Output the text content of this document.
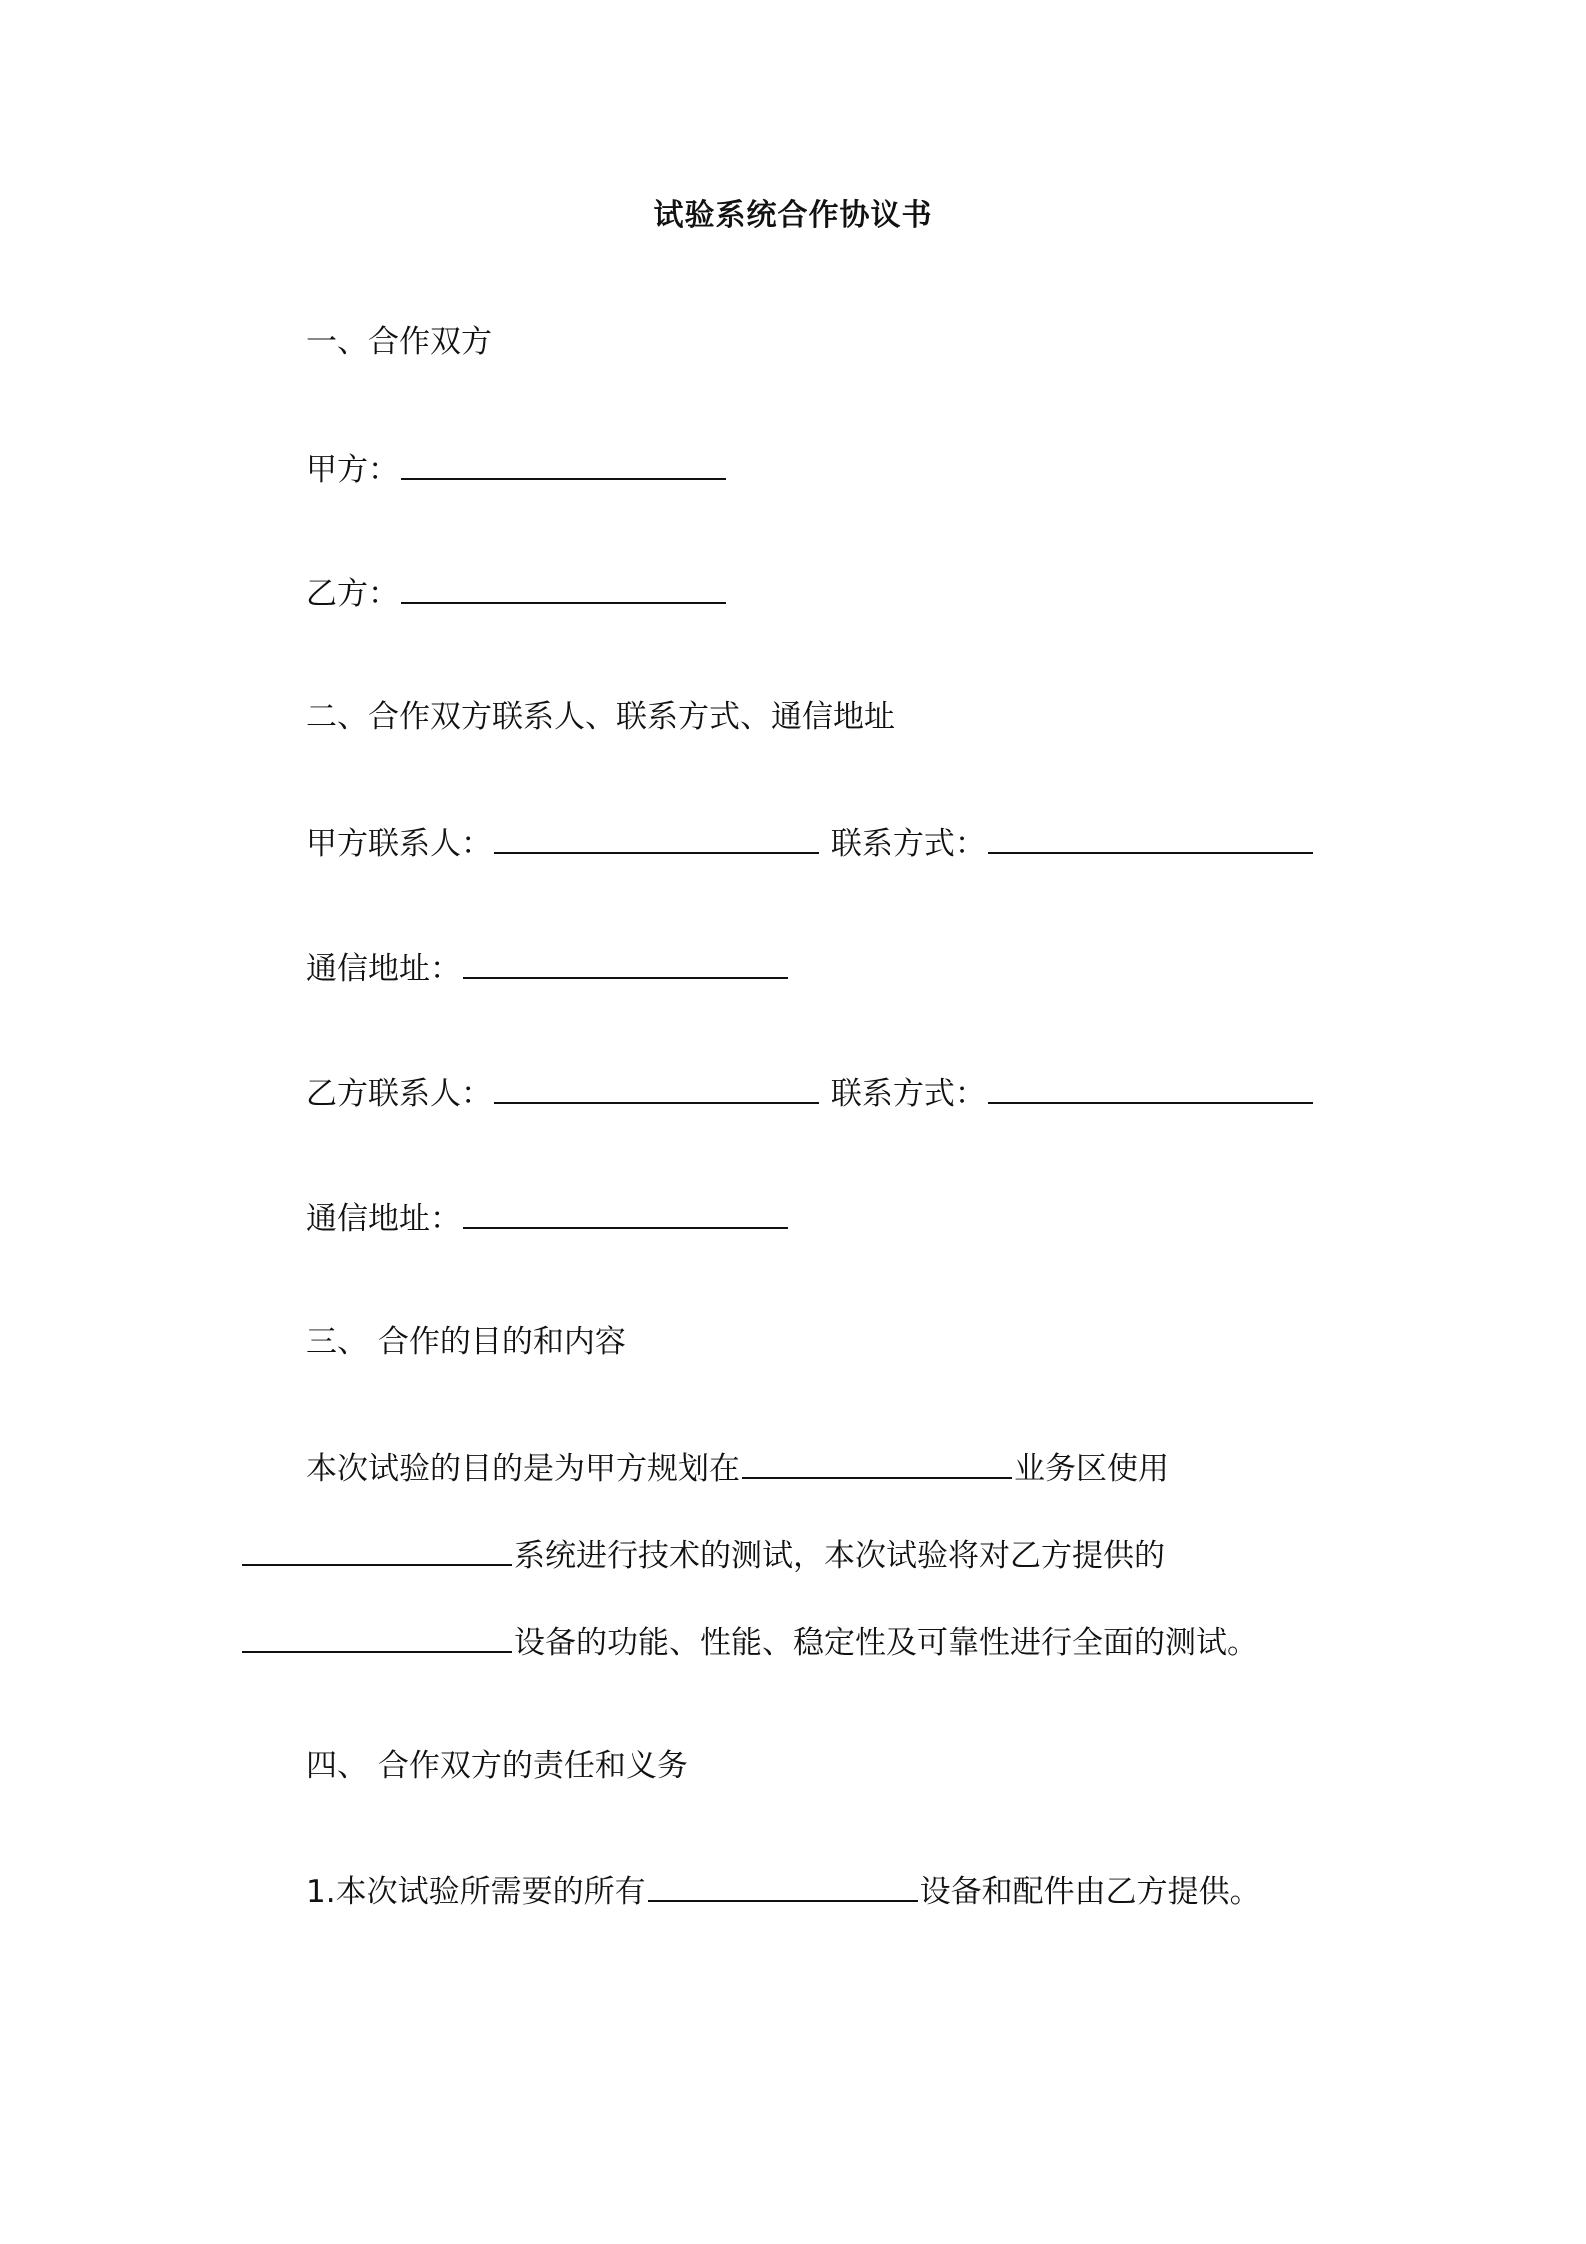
试验系统合作协议书
一、合作双方
甲方：
乙方：
二、合作双方联系人、联系方式、通信地址
甲方联系人：	联系方式：
通信地址：
乙方联系人：	联系方式：
通信地址：
三、 合作的目的和内容
本次试验的目的是为甲方规划在	业务区使用
系统进行技术的测试，本次试验将对乙方提供的
设备的功能、性能、稳定性及可靠性进行全面的测试。
四、 合作双方的责任和义务
1.本次试验所需要的所有	设备和配件由乙方提供。
